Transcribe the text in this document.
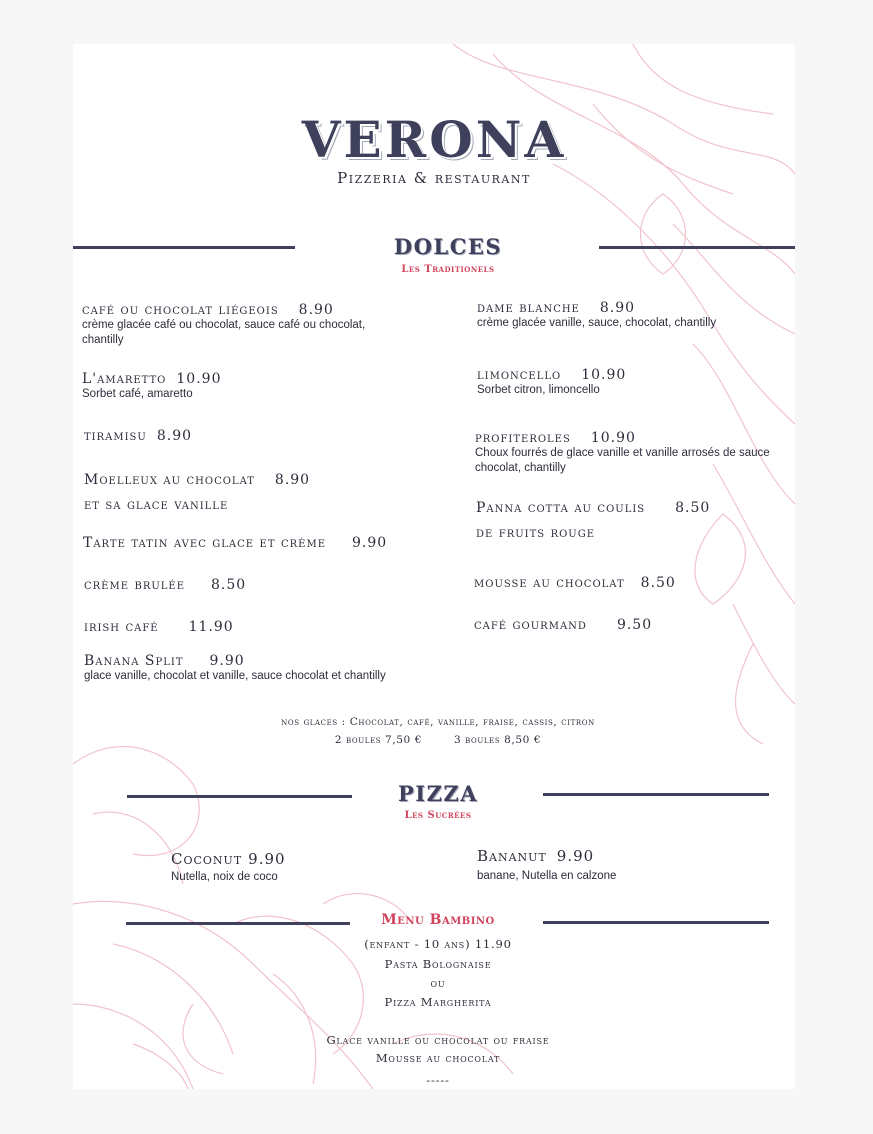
VERONA
Pizzeria & restaurant
DOLCES
Les Traditionels
café ou chocolat liégeois 8.90
crème glacée café ou chocolat, sauce café ou chocolat, chantilly
L'amaretto 10.90
Sorbet café, amaretto
tiramisu 8.90
Moelleux au chocolat 8.90
et sa glace vanille
Tarte tatin avec glace et crème 9.90
crème brulée 8.50
irish café 11.90
Banana Split 9.90
glace vanille, chocolat et vanille, sauce chocolat et chantilly
dame blanche 8.90
crème glacée vanille, sauce, chocolat, chantilly
limoncello 10.90
Sorbet citron, limoncello
profiteroles 10.90
Choux fourrés de glace vanille et vanille arrosés de sauce chocolat, chantilly
Panna cotta au coulis 8.50
de fruits rouge
mousse au chocolat 8.50
café gourmand 9.50
nos glaces : Chocolat, café, vanille, fraise, cassis, citron
2 boules 7,50 €	3 boules 8,50 €
PIZZA
Les Sucrées
Coconut 9.90
Nutella, noix de coco
Bananut 9.90
banane, Nutella en calzone
Menu Bambino
(enfant - 10 ans) 11.90
Pasta Bolognaise
ou
Pizza Margherita
Glace vanille ou chocolat ou fraise
Mousse au chocolat
-----
